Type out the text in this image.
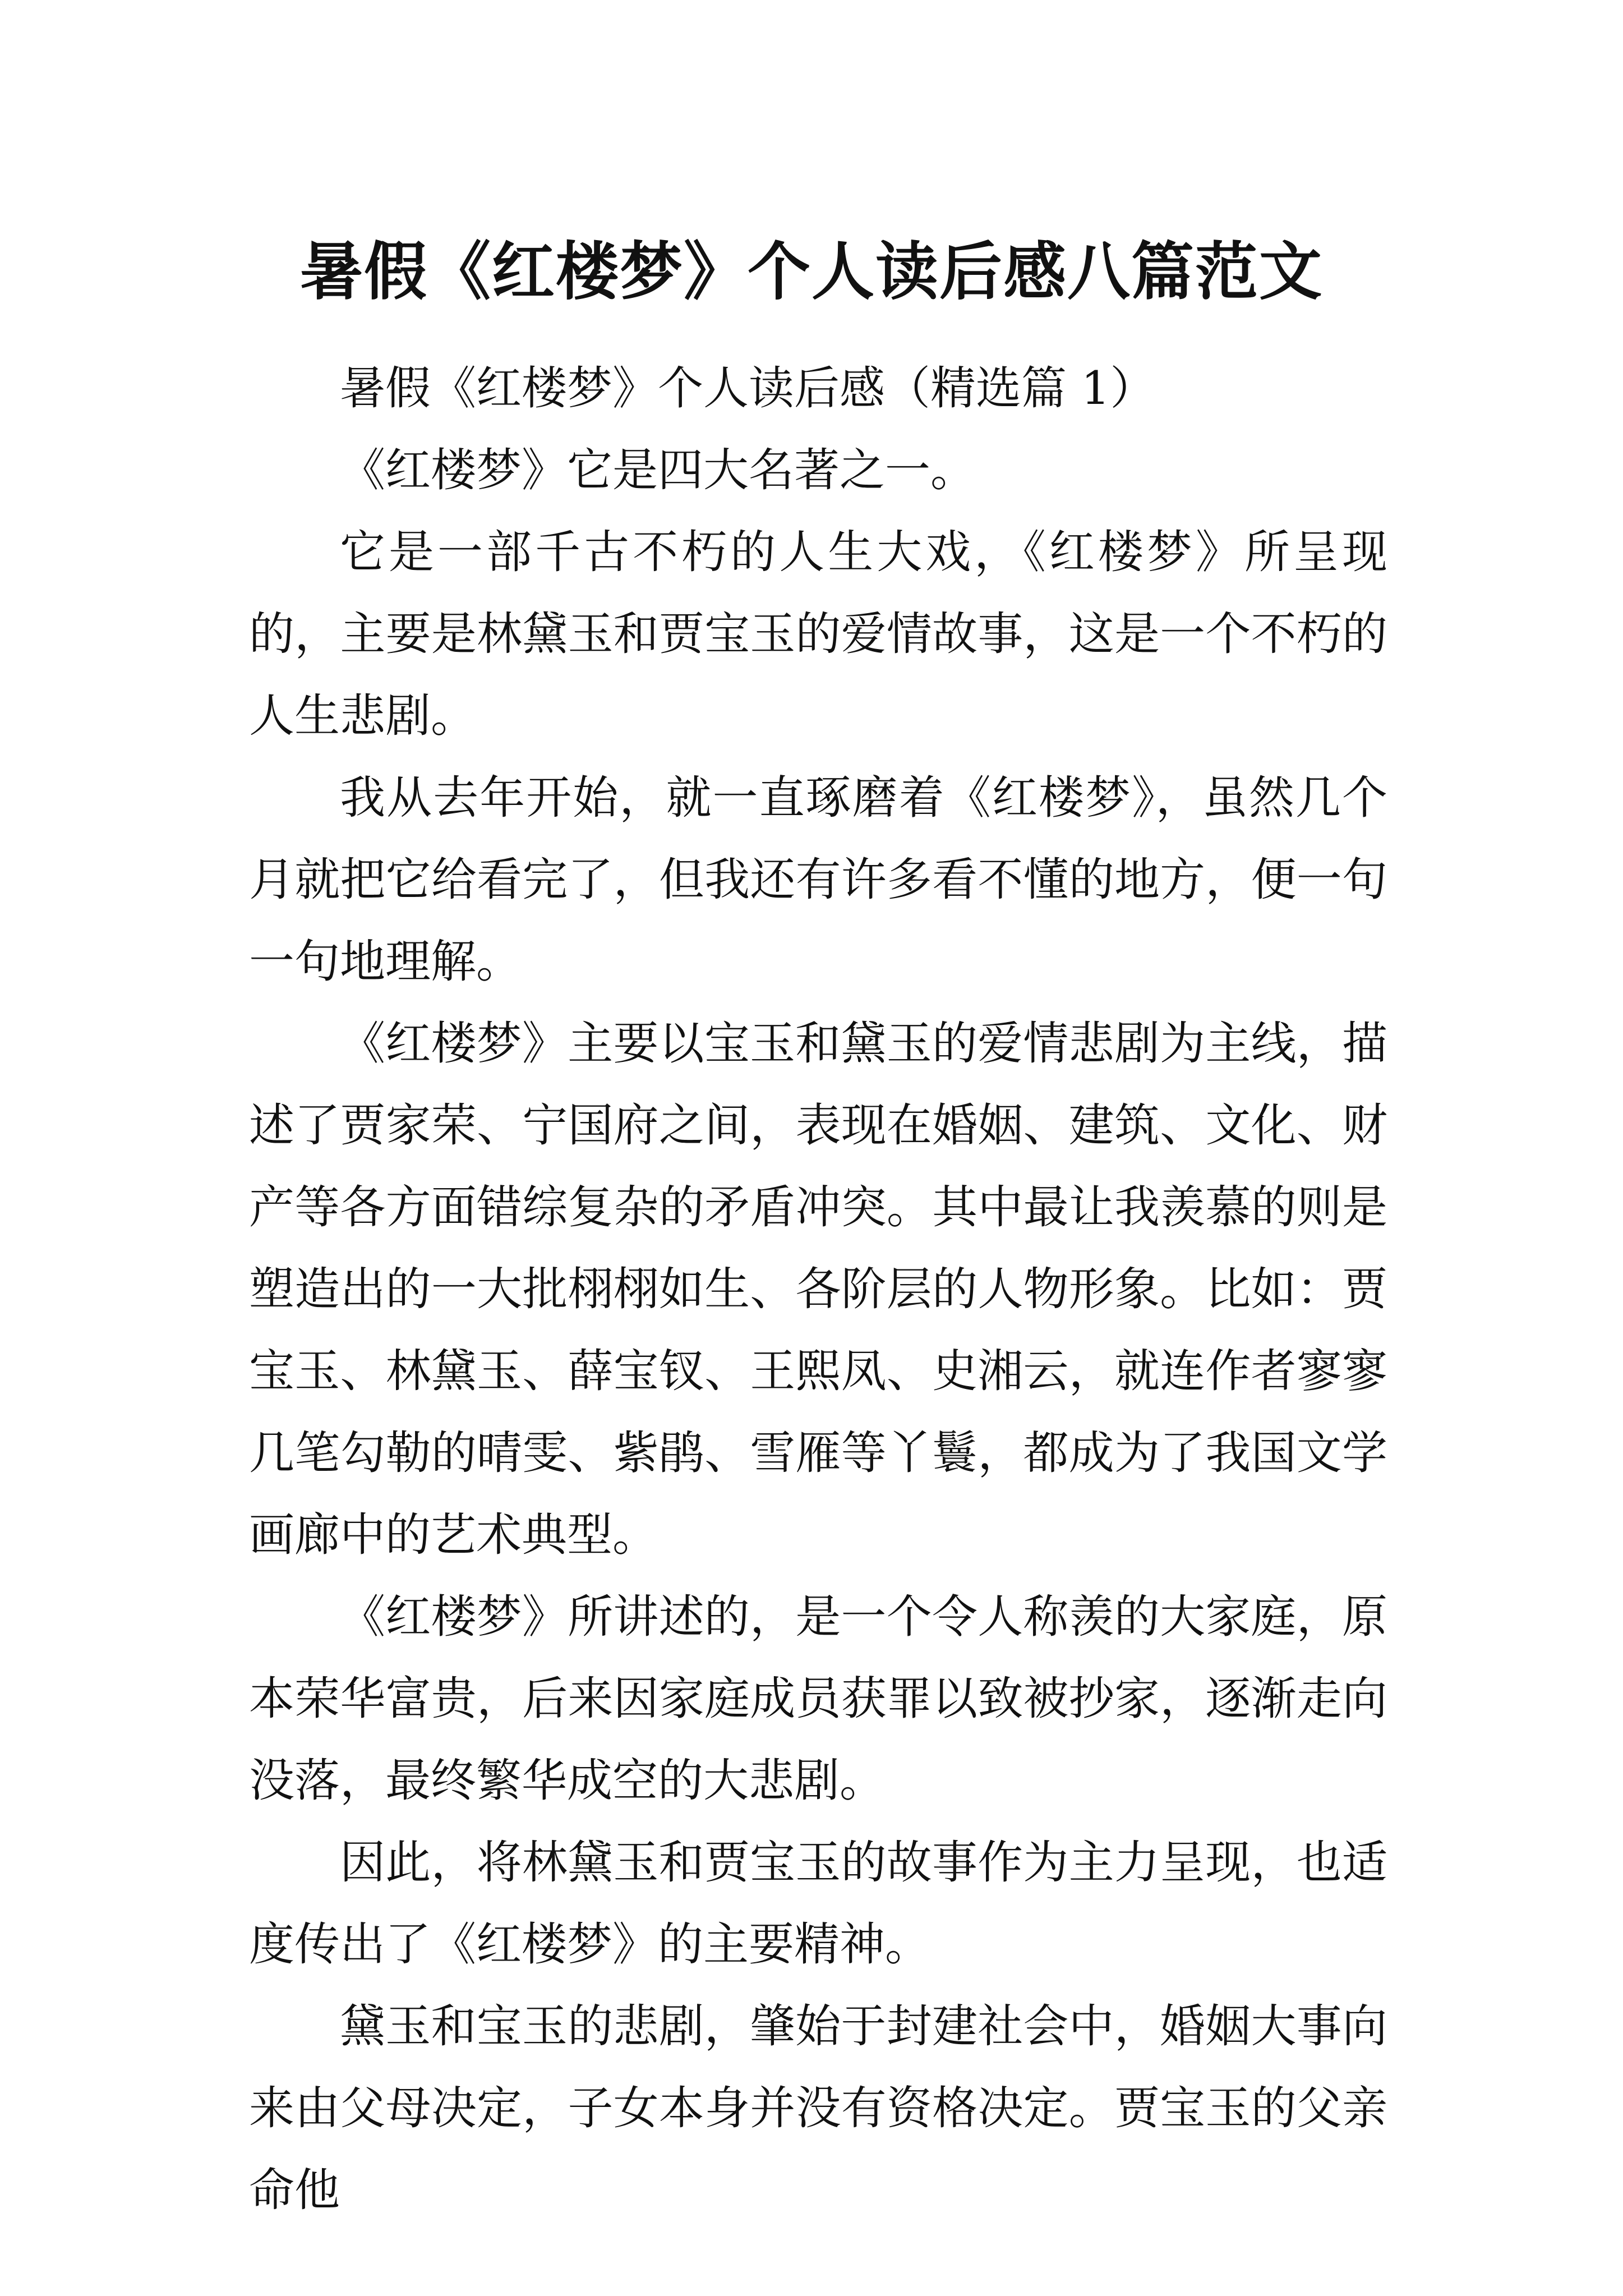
暑假《红楼梦》个人读后感八篇范文

暑假《红楼梦》个人读后感（精选篇 1）

《红楼梦》它是四大名著之一。

它是一部千古不朽的人生大戏，《红楼梦》所呈现的，主要是林黛玉和贾宝玉的爱情故事，这是一个不朽的人生悲剧。

我从去年开始，就一直琢磨着《红楼梦》，虽然几个月就把它给看完了，但我还有许多看不懂的地方，便一句一句地理解。

《红楼梦》主要以宝玉和黛玉的爱情悲剧为主线，描述了贾家荣、宁国府之间，表现在婚姻、建筑、文化、财产等各方面错综复杂的矛盾冲突。其中最让我羡慕的则是塑造出的一大批栩栩如生、各阶层的人物形象。比如：贾宝玉、林黛玉、薛宝钗、王熙凤、史湘云，就连作者寥寥几笔勾勒的晴雯、紫鹃、雪雁等丫鬟，都成为了我国文学画廊中的艺术典型。

《红楼梦》所讲述的，是一个令人称羡的大家庭，原本荣华富贵，后来因家庭成员获罪以致被抄家，逐渐走向没落，最终繁华成空的大悲剧。

因此，将林黛玉和贾宝玉的故事作为主力呈现，也适度传出了《红楼梦》的主要精神。

黛玉和宝玉的悲剧，肇始于封建社会中，婚姻大事向来由父母决定，子女本身并没有资格决定。贾宝玉的父亲命他
